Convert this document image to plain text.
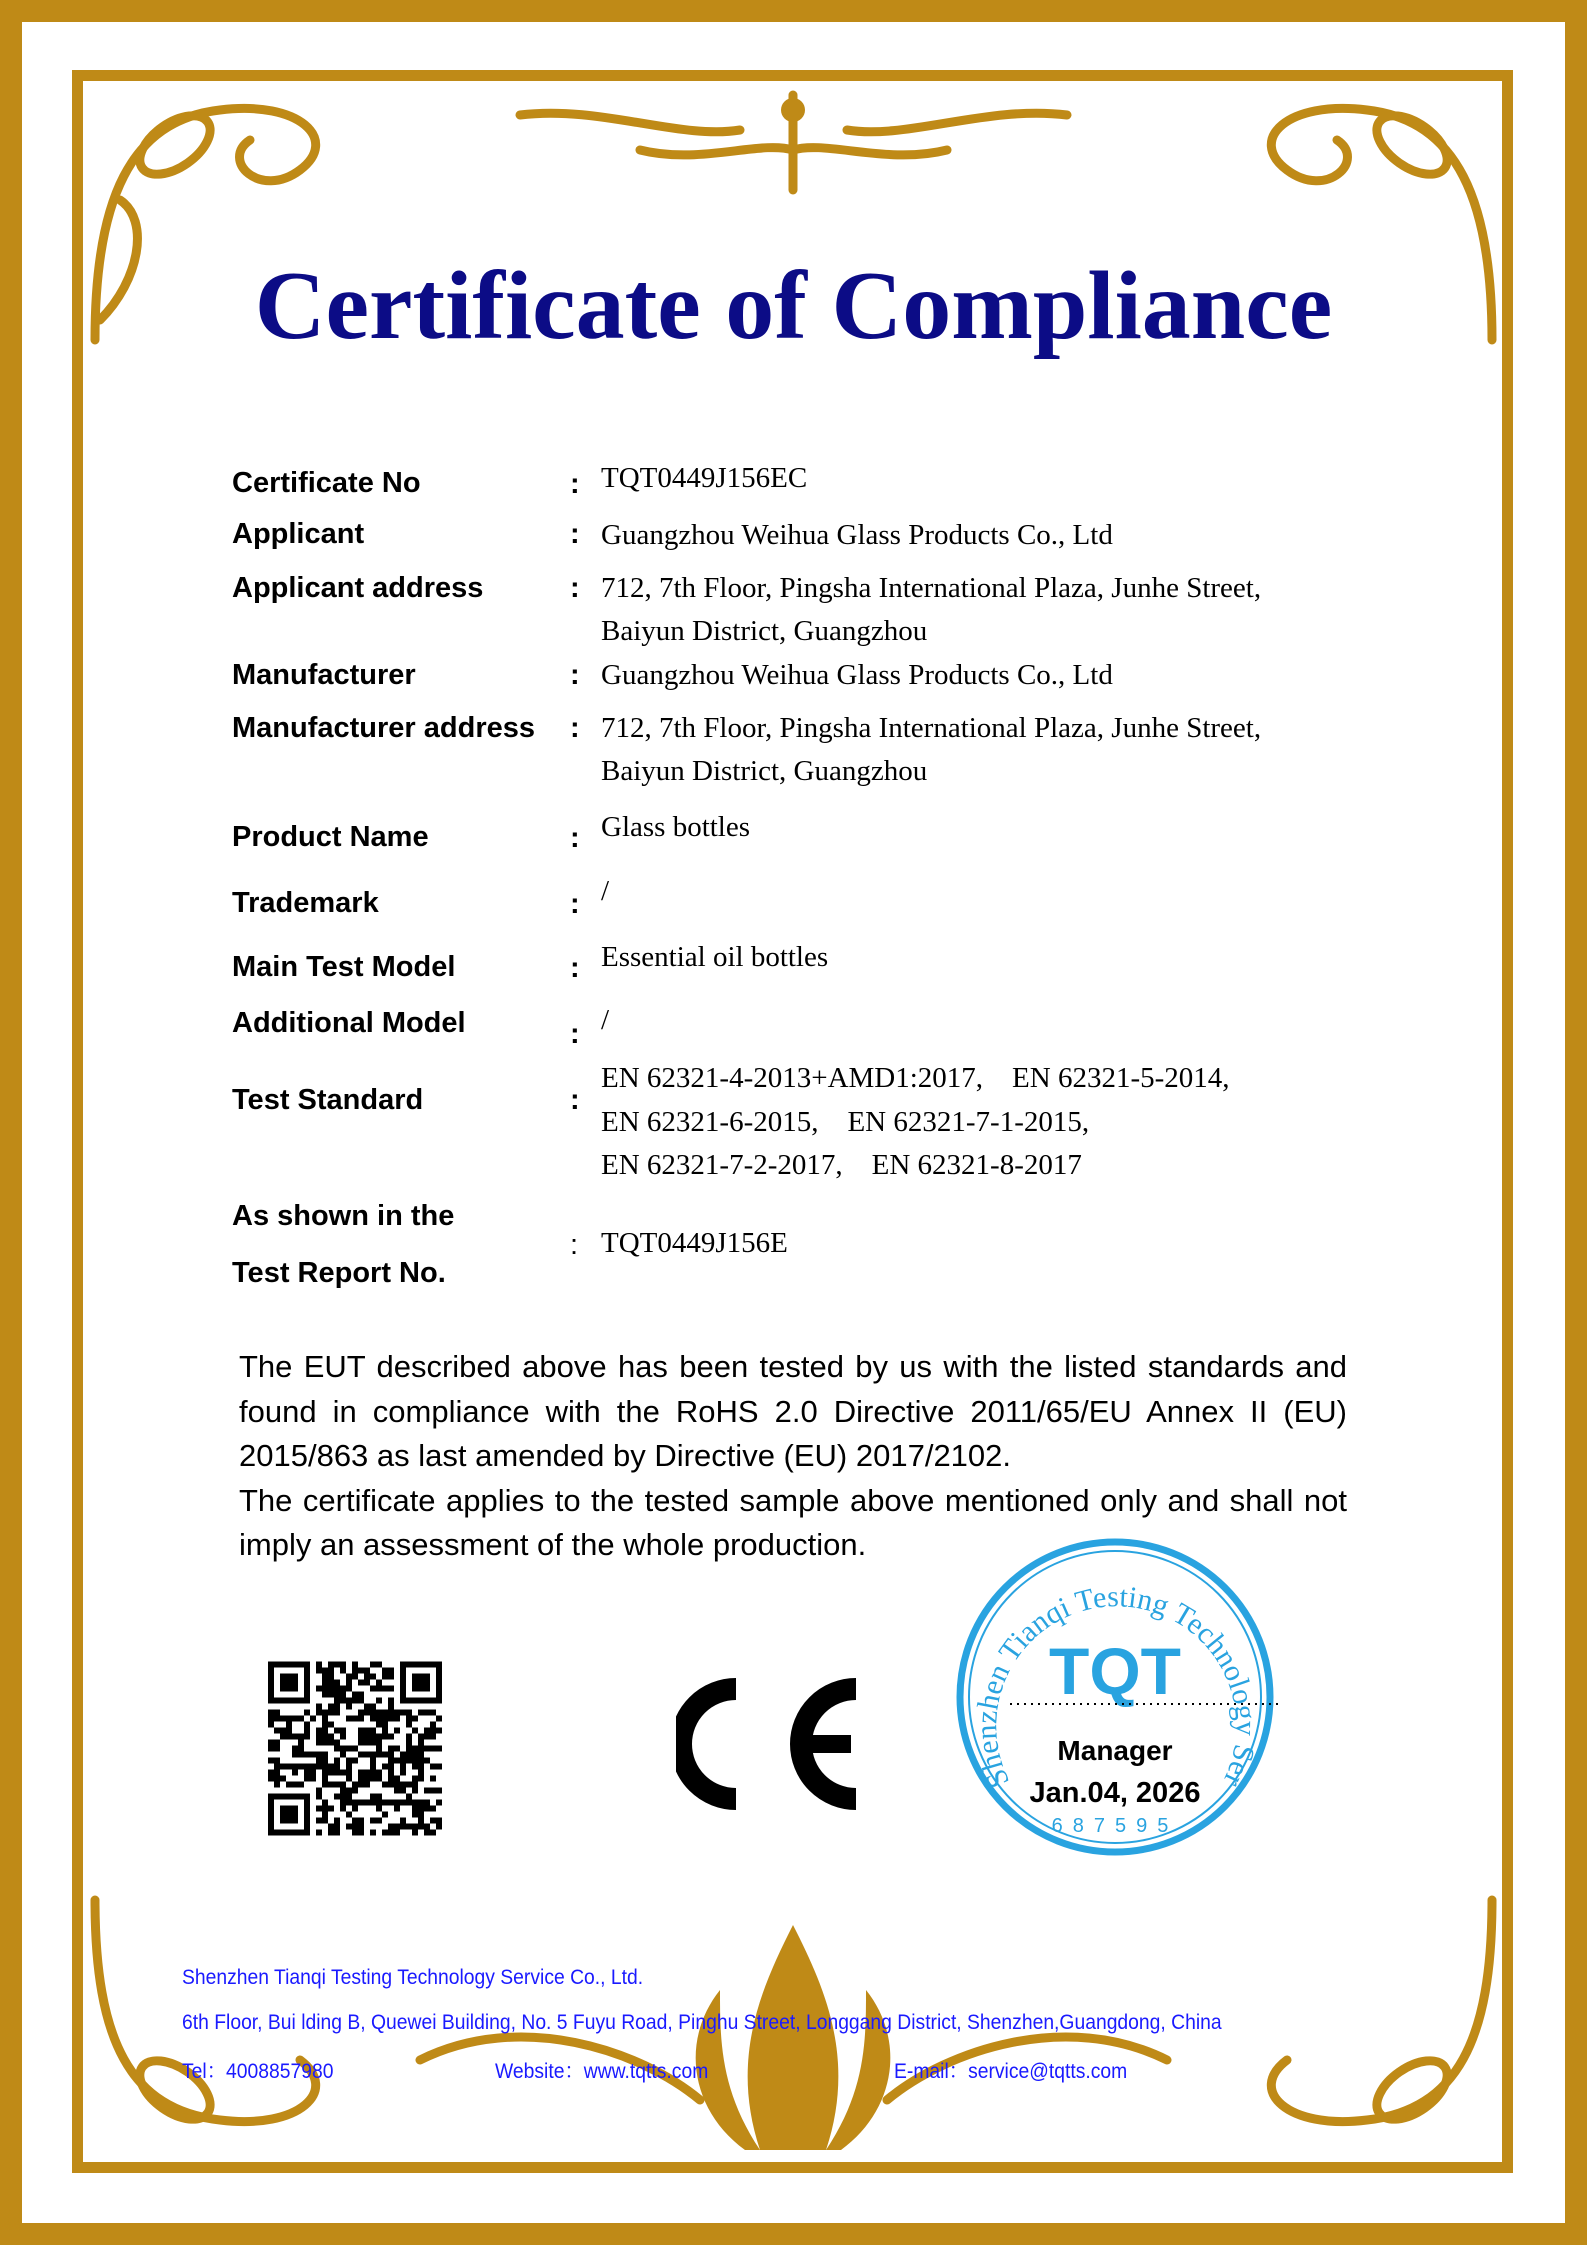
Certificate of Compliance
Certificate No	: TQT0449J156EC
Applicant	: Guangzhou Weihua Glass Products Co., Ltd
Applicant address	: 712, 7th Floor, Pingsha International Plaza, Junhe Street,
Baiyun District, Guangzhou
Manufacturer	: Guangzhou Weihua Glass Products Co., Ltd
Manufacturer address : 712, 7th Floor, Pingsha International Plaza, Junhe Street,
Baiyun District, Guangzhou
Product Name	: Glass bottles
Trademark	: /
Main Test Model	: Essential oil bottles
Additional Model	: /
Test Standard	:
EN 62321-4-2013+AMD1:2017,    EN 62321-5-2014,
EN 62321-6-2015,    EN 62321-7-1-2015,
EN 62321-7-2-2017,    EN 62321-8-2017
As shown in the
Test Report No.
: TQT0449J156E
The EUT described above has been tested by us with the listed standards and found in compliance with the RoHS 2.0 Directive 2011/65/EU Annex II (EU) 2015/863 as last amended by Directive (EU) 2017/2102.
The certificate applies to the tested sample above mentioned only and shall not imply an assessment of the whole production.
Shenzhen Tianqi Testing Technology Ser
TQT
687595
Manager
Jan.04, 2026
Shenzhen Tianqi Testing Technology Service Co., Ltd.
6th Floor, Bui lding B, Quewei Building, No. 5 Fuyu Road, Pinghu Street, Longgang District, Shenzhen,Guangdong, China
Tel：4008857980	Website：www.tqtts.com	E-mail：service@tqtts.com
